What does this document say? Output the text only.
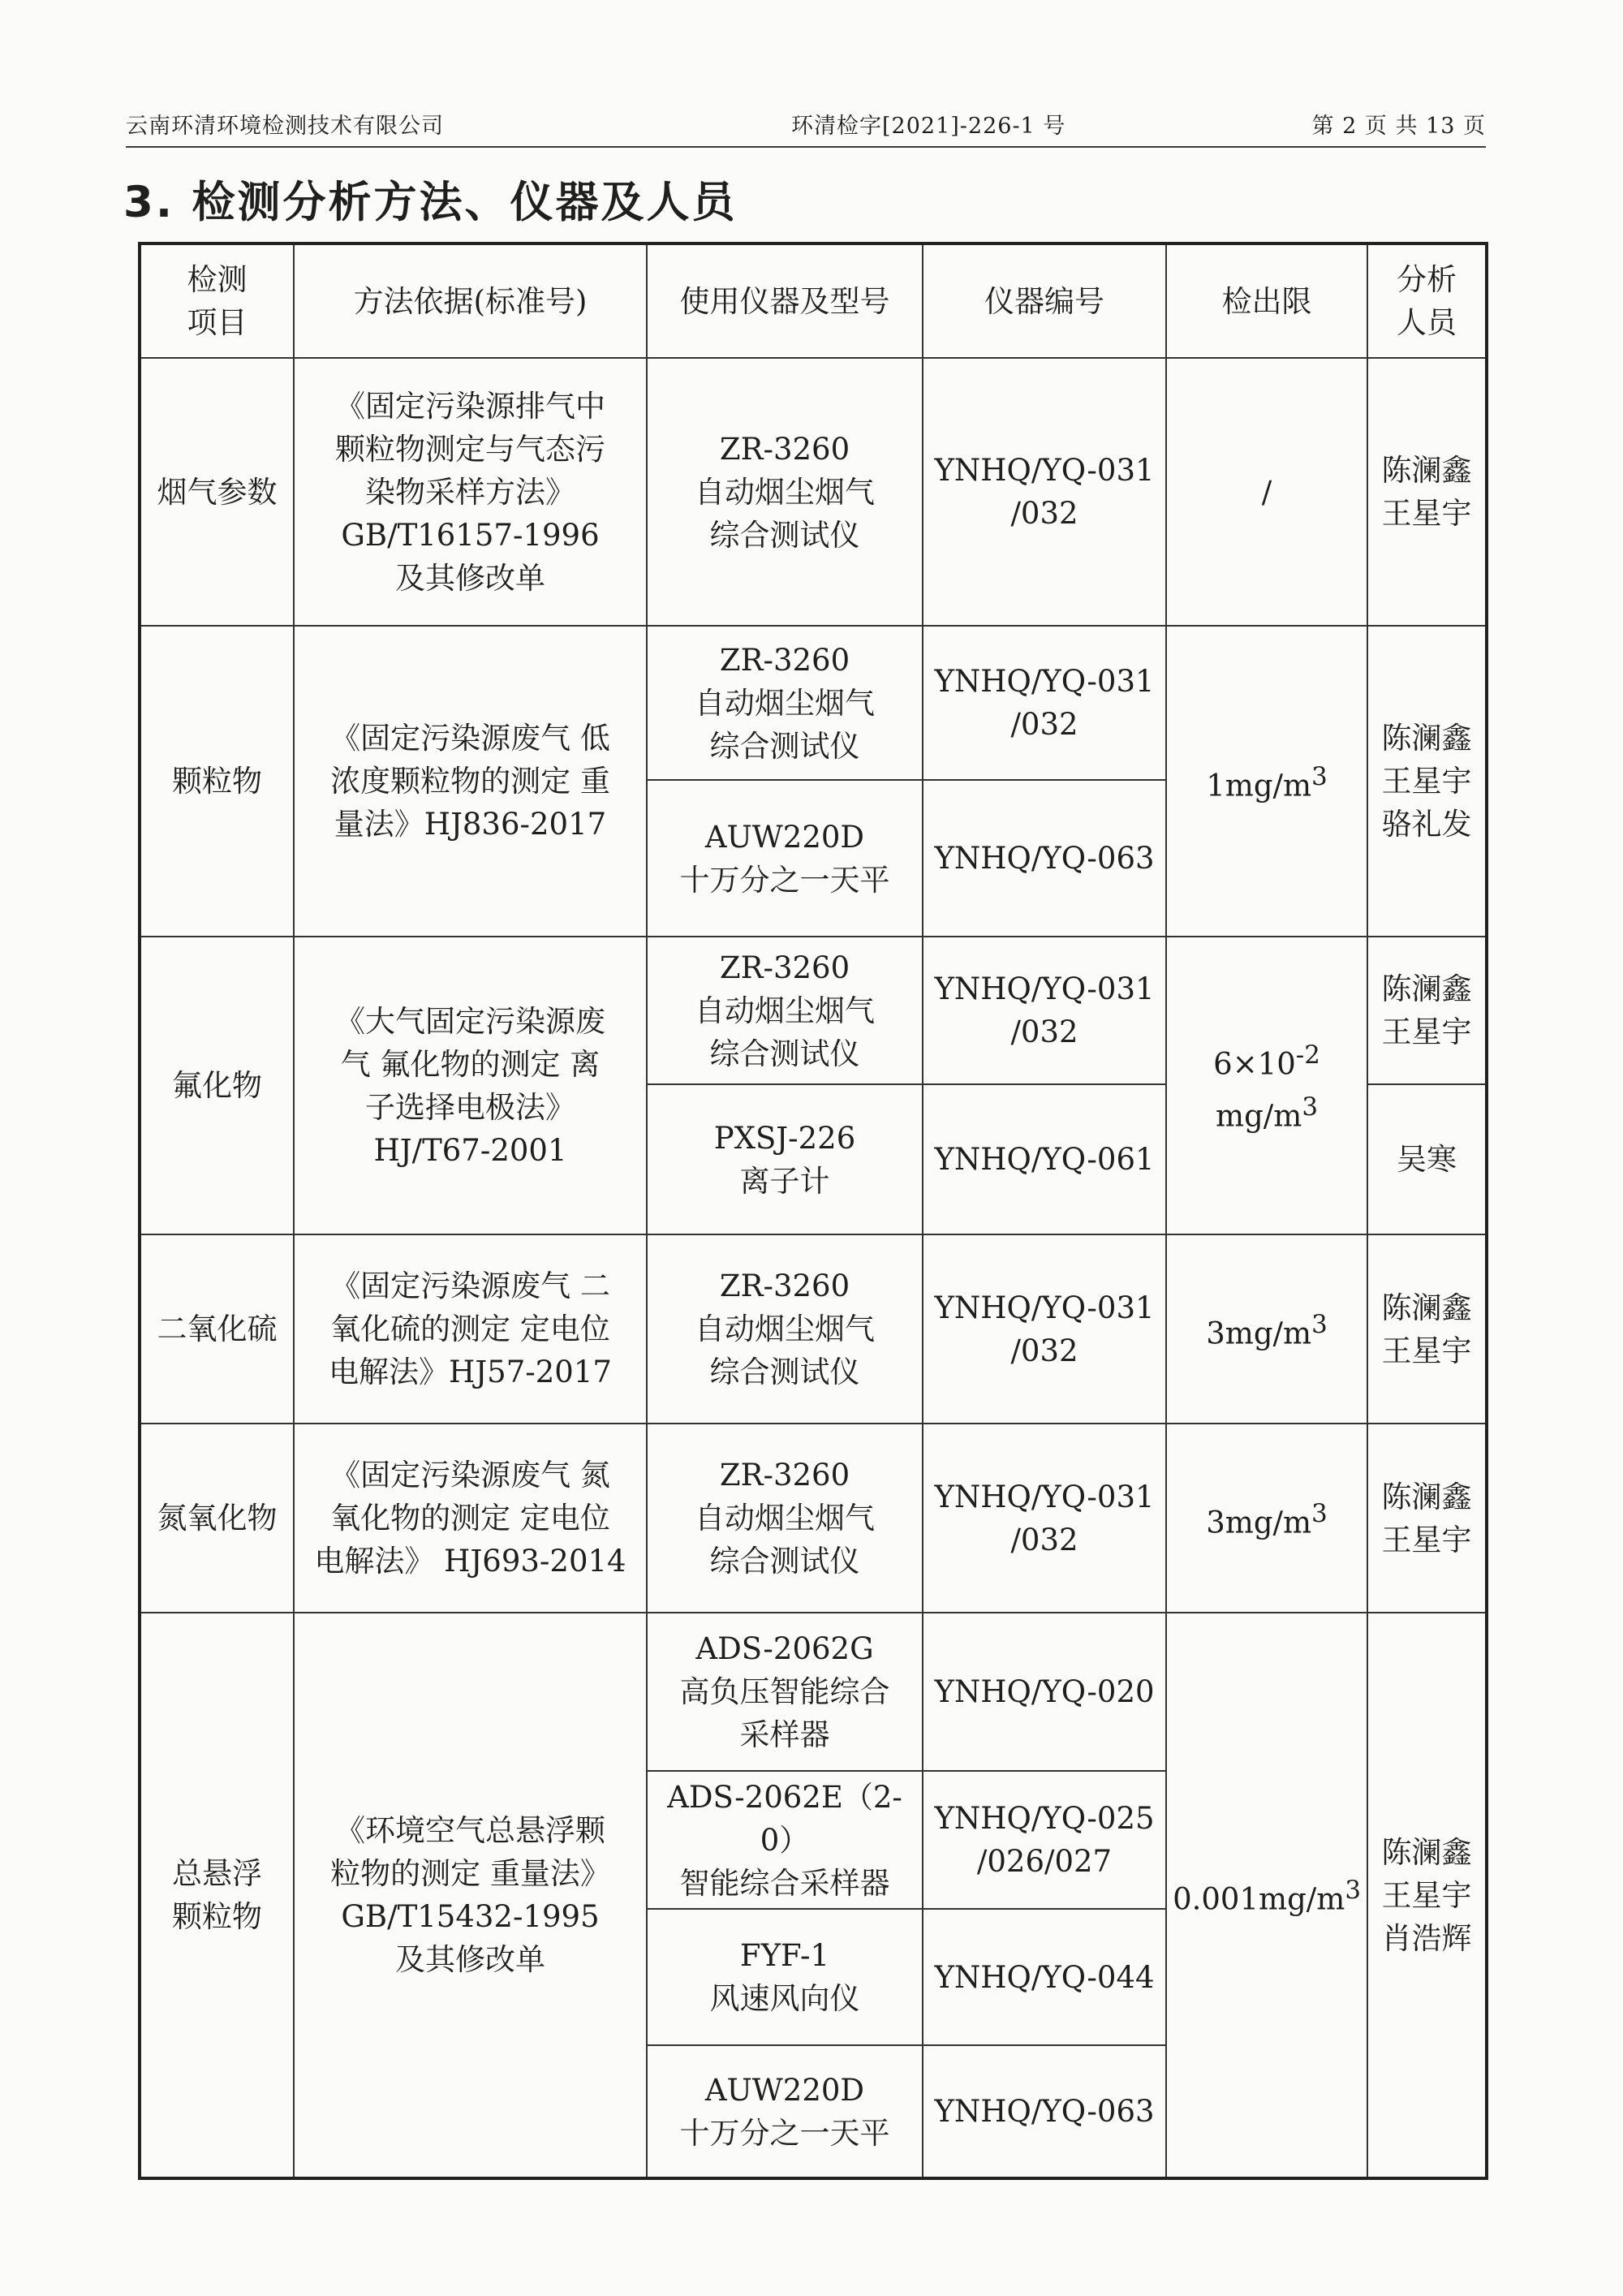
云南环清环境检测技术有限公司	环清检字[2021]-226-1 号	第 2 页 共 13 页
3. 检测分析方法、仪器及人员
检测
项目	方法依据(标准号)	使用仪器及型号	仪器编号	检出限	分析
人员
烟气参数	《固定污染源排气中
颗粒物测定与气态污
染物采样方法》
GB/T16157-1996
及其修改单	ZR-3260
自动烟尘烟气
综合测试仪	YNHQ/YQ-031
/032	/	陈澜鑫
王星宇
颗粒物	《固定污染源废气 低
浓度颗粒物的测定 重
量法》HJ836-2017	ZR-3260
自动烟尘烟气
综合测试仪	YNHQ/YQ-031
/032	$1mg/m^3$	陈澜鑫
王星宇
骆礼发
		AUW220D
十万分之一天平	YNHQ/YQ-063		
氟化物	《大气固定污染源废
气 氟化物的测定 离
子选择电极法》
HJ/T67-2001	ZR-3260
自动烟尘烟气
综合测试仪	YNHQ/YQ-031
/032	$6\times 10^{-2}$
$mg/m^3$	陈澜鑫
王星宇
		PXSJ-226
离子计	YNHQ/YQ-061		吴寒
二氧化硫	《固定污染源废气 二
氧化硫的测定 定电位
电解法》HJ57-2017	ZR-3260
自动烟尘烟气
综合测试仪	YNHQ/YQ-031
/032	$3mg/m^3$	陈澜鑫
王星宇
氮氧化物	《固定污染源废气 氮
氧化物的测定 定电位
电解法》 HJ693-2014	ZR-3260
自动烟尘烟气
综合测试仪	YNHQ/YQ-031
/032	$3mg/m^3$	陈澜鑫
王星宇
总悬浮
颗粒物	《环境空气总悬浮颗
粒物的测定 重量法》
GB/T15432-1995
及其修改单	ADS-2062G
高负压智能综合
采样器	YNHQ/YQ-020	$0.001mg/m^3$	陈澜鑫
王星宇
肖浩辉
		ADS-2062E（2-0）
智能综合采样器	YNHQ/YQ-025
/026/027		
		FYF-1
风速风向仪	YNHQ/YQ-044		
		AUW220D
十万分之一天平	YNHQ/YQ-063		
